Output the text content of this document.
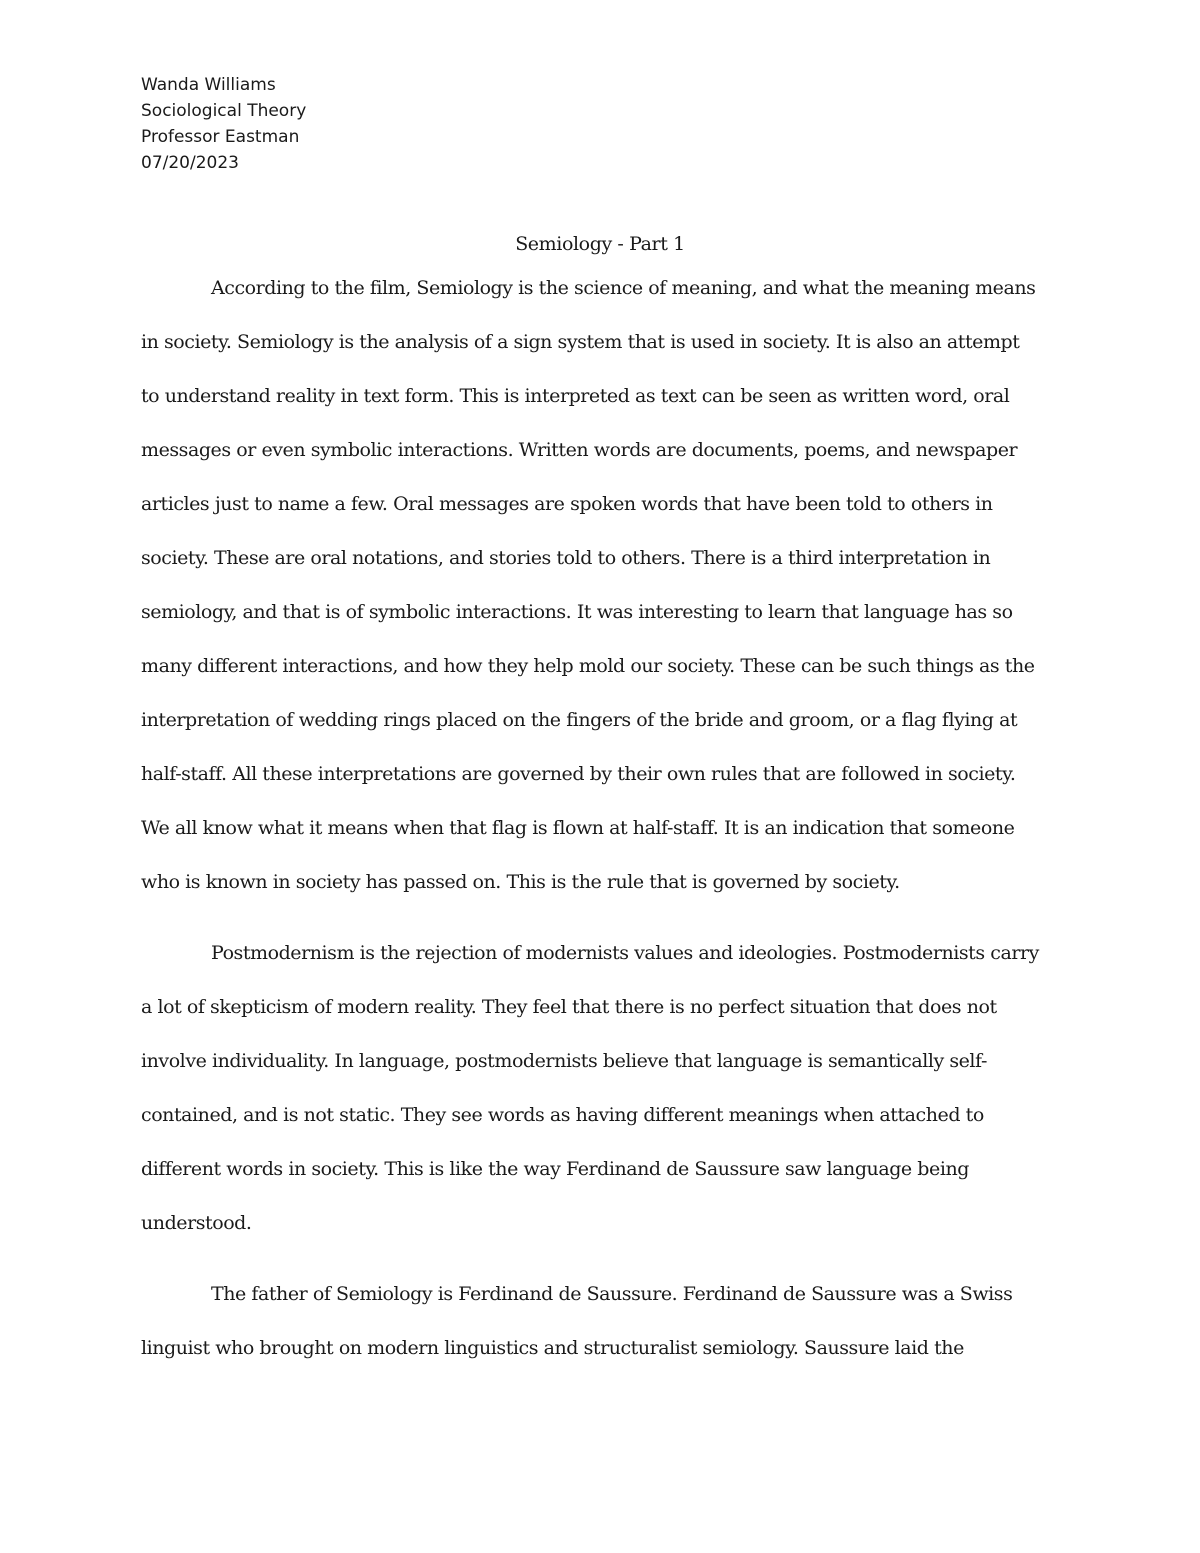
Wanda Williams
Sociological Theory
Professor Eastman
07/20/2023
Semiology - Part 1
According to the film, Semiology is the science of meaning, and what the meaning means
in society. Semiology is the analysis of a sign system that is used in society. It is also an attempt
to understand reality in text form. This is interpreted as text can be seen as written word, oral
messages or even symbolic interactions. Written words are documents, poems, and newspaper
articles just to name a few. Oral messages are spoken words that have been told to others in
society. These are oral notations, and stories told to others. There is a third interpretation in
semiology, and that is of symbolic interactions. It was interesting to learn that language has so
many different interactions, and how they help mold our society. These can be such things as the
interpretation of wedding rings placed on the fingers of the bride and groom, or a flag flying at
half-staff. All these interpretations are governed by their own rules that are followed in society.
We all know what it means when that flag is flown at half-staff. It is an indication that someone
who is known in society has passed on. This is the rule that is governed by society.
Postmodernism is the rejection of modernists values and ideologies. Postmodernists carry
a lot of skepticism of modern reality. They feel that there is no perfect situation that does not
involve individuality. In language, postmodernists believe that language is semantically self-
contained, and is not static. They see words as having different meanings when attached to
different words in society. This is like the way Ferdinand de Saussure saw language being
understood.
The father of Semiology is Ferdinand de Saussure. Ferdinand de Saussure was a Swiss
linguist who brought on modern linguistics and structuralist semiology. Saussure laid the
